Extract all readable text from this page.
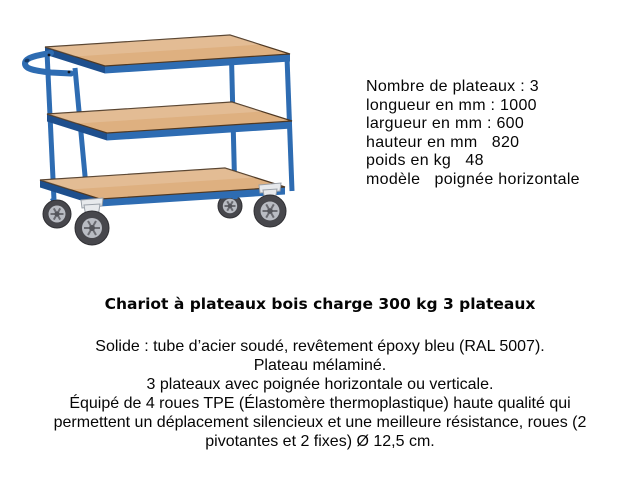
Nombre de plateaux : 3
longueur en mm : 1000
largueur en mm : 600
hauteur en mm   820
poids en kg   48
modèle   poignée horizontale
Chariot à plateaux bois charge 300 kg 3 plateaux
Solide : tube d’acier soudé, revêtement époxy bleu (RAL 5007).
Plateau mélaminé.
3 plateaux avec poignée horizontale ou verticale.
Équipé de 4 roues TPE (Élastomère thermoplastique) haute qualité qui
permettent un déplacement silencieux et une meilleure résistance, roues (2
pivotantes et 2 fixes) Ø 12,5 cm.
